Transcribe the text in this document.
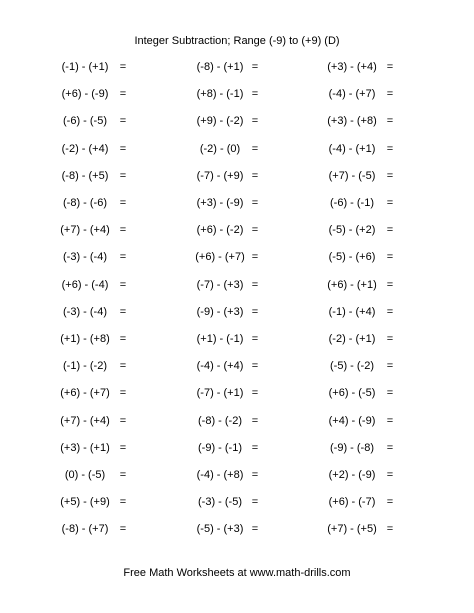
Integer Subtraction; Range (-9) to (+9) (D)
(-1) - (+1)	=	(-8) - (+1) =	(+3) - (+4) =
(+6) - (-9)	=	(+8) - (-1) =	(-4) - (+7)	=
(-6) - (-5)	=	(+9) - (-2) =	(+3) - (+8) =
(-2) - (+4)	=	(-2) - (0)	=	(-4) - (+1)	=
(-8) - (+5)	=	(-7) - (+9) =	(+7) - (-5)	=
(-8) - (-6)	=	(+3) - (-9) =	(-6) - (-1)	=
(+7) - (+4) =	(+6) - (-2) =	(-5) - (+2)	=
(-3) - (-4)	=	(+6) - (+7) =	(-5) - (+6)	=
(+6) - (-4)	=	(-7) - (+3) =	(+6) - (+1) =
(-3) - (-4)	=	(-9) - (+3) =	(-1) - (+4)	=
(+1) - (+8) =	(+1) - (-1) =	(-2) - (+1)	=
(-1) - (-2)	=	(-4) - (+4) =	(-5) - (-2)	=
(+6) - (+7) =	(-7) - (+1) =	(+6) - (-5)	=
(+7) - (+4) =	(-8) - (-2) =	(+4) - (-9)	=
(+3) - (+1) =	(-9) - (-1) =	(-9) - (-8)	=
(0) - (-5)	=	(-4) - (+8) =	(+2) - (-9)	=
(+5) - (+9) =	(-3) - (-5) =	(+6) - (-7)	=
(-8) - (+7)	=	(-5) - (+3) =	(+7) - (+5) =
Free Math Worksheets at www.math-drills.com
